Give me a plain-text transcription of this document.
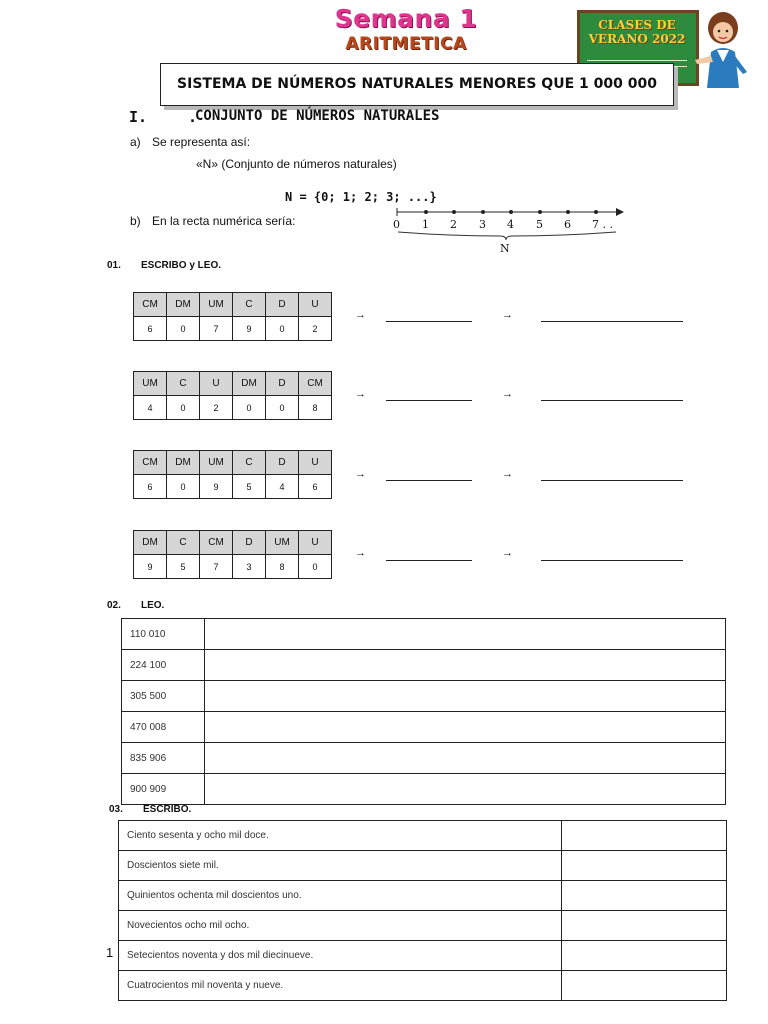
Semana 1
ARITMETICA
CLASES DE VERANO 2022
SISTEMA DE NÚMEROS NATURALES MENORES QUE 1 000 000
I.	.
CONJUNTO DE NÚMEROS NATURALES
a) Se representa así:
«N» (Conjunto de números naturales)
N = {0; 1; 2; 3; ...}
b) En la recta numérica sería:	0 1 2 3 4 5 6 7 . .
N
01. ESCRIBO y LEO.
CM	DM	UM	C	D	U
6	0	7	9	0	2
→	→
UM	C	U	DM	D	CM
4	0	2	0	0	8
→	→
CM	DM	UM	C	D	U
6	0	9	5	4	6
→	→
DM	C	CM	D	UM	U
9	5	7	3	8	0
→	→
02. LEO.
110 010	
224 100	
305 500	
470 008	
835 906	
900 909	
03. ESCRIBO.
Ciento sesenta y ocho mil doce.	
Doscientos siete mil.	
Quinientos ochenta mil doscientos uno.	
Novecientos ocho mil ocho.	
Setecientos noventa y dos mil diecinueve.	
Cuatrocientos mil noventa y nueve.	
1
